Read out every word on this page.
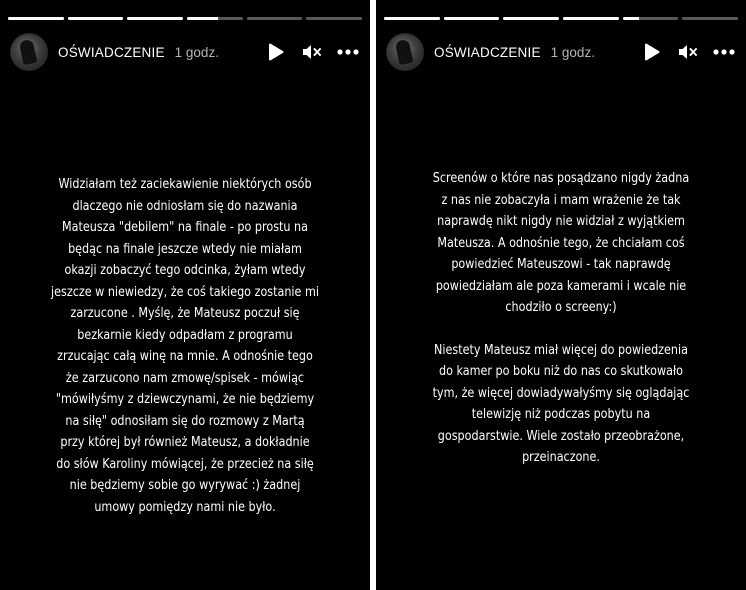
OŚWIADCZENIE 1 godz.

Widziałam też zaciekawienie niektórych osób
dlaczego nie odniosłam się do nazwania
Mateusza "debilem" na finale - po prostu na
będąc na finale jeszcze wtedy nie miałam
okazji zobaczyć tego odcinka, żyłam wtedy
jeszcze w niewiedzy, że coś takiego zostanie mi
zarzucone . Myślę, że Mateusz poczuł się
bezkarnie kiedy odpadłam z programu
zrzucając całą winę na mnie. A odnośnie tego
że zarzucono nam zmowę/spisek - mówiąc
"mówiłyśmy z dziewczynami, że nie będziemy
na siłę" odnosiłam się do rozmowy z Martą
przy której był również Mateusz, a dokładnie
do słów Karoliny mówiącej, że przecież na siłę
nie będziemy sobie go wyrywać :) żadnej
umowy pomiędzy nami nie było.

OŚWIADCZENIE 1 godz.

Screenów o które nas posądzano nigdy żadna
z nas nie zobaczyła i mam wrażenie że tak
naprawdę nikt nigdy nie widział z wyjątkiem
Mateusza. A odnośnie tego, że chciałam coś
powiedzieć Mateuszowi - tak naprawdę
powiedziałam ale poza kamerami i wcale nie
chodziło o screeny:)

Niestety Mateusz miał więcej do powiedzenia
do kamer po boku niż do nas co skutkowało
tym, że więcej dowiadywałyśmy się oglądając
telewizję niż podczas pobytu na
gospodarstwie. Wiele zostało przeobrażone,
przeinaczone.
